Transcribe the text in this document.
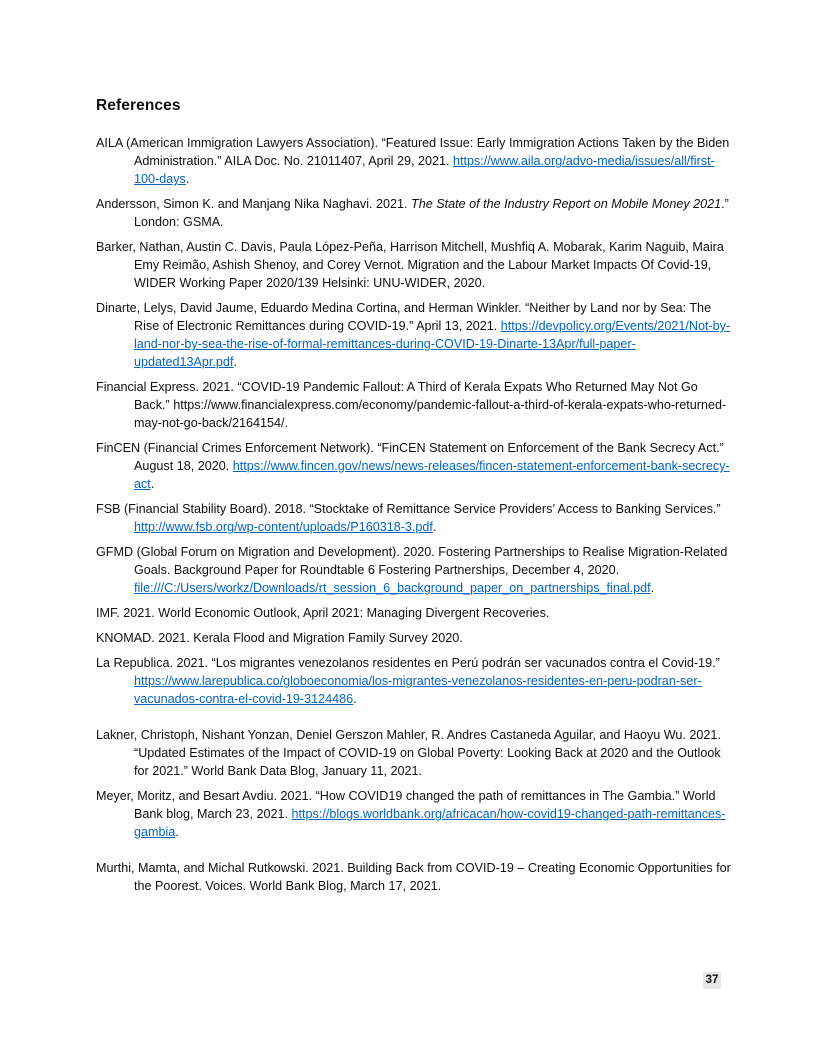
References

AILA (American Immigration Lawyers Association). “Featured Issue: Early Immigration Actions Taken by the Biden Administration.” AILA Doc. No. 21011407, April 29, 2021. https://www.aila.org/advo-media/issues/all/first-100-days.

Andersson, Simon K. and Manjang Nika Naghavi. 2021. The State of the Industry Report on Mobile Money 2021.” London: GSMA.

Barker, Nathan, Austin C. Davis, Paula López-Peña, Harrison Mitchell, Mushfiq A. Mobarak, Karim Naguib, Maira Emy Reimão, Ashish Shenoy, and Corey Vernot. Migration and the Labour Market Impacts Of Covid-19, WIDER Working Paper 2020/139 Helsinki: UNU-WIDER, 2020.

Dinarte, Lelys, David Jaume, Eduardo Medina Cortina, and Herman Winkler. “Neither by Land nor by Sea: The Rise of Electronic Remittances during COVID-19.” April 13, 2021. https://devpolicy.org/Events/2021/Not-by-land-nor-by-sea-the-rise-of-formal-remittances-during-COVID-19-Dinarte-13Apr/full-paper-updated13Apr.pdf.

Financial Express. 2021. “COVID-19 Pandemic Fallout: A Third of Kerala Expats Who Returned May Not Go Back.” https://www.financialexpress.com/economy/pandemic-fallout-a-third-of-kerala-expats-who-returned-may-not-go-back/2164154/.

FinCEN (Financial Crimes Enforcement Network). “FinCEN Statement on Enforcement of the Bank Secrecy Act.” August 18, 2020. https://www.fincen.gov/news/news-releases/fincen-statement-enforcement-bank-secrecy-act.

FSB (Financial Stability Board). 2018. “Stocktake of Remittance Service Providers’ Access to Banking Services.” http://www.fsb.org/wp-content/uploads/P160318-3.pdf.

GFMD (Global Forum on Migration and Development). 2020. Fostering Partnerships to Realise Migration-Related Goals. Background Paper for Roundtable 6 Fostering Partnerships, December 4, 2020. file:///C:/Users/workz/Downloads/rt_session_6_background_paper_on_partnerships_final.pdf.

IMF. 2021. World Economic Outlook, April 2021: Managing Divergent Recoveries.

KNOMAD. 2021. Kerala Flood and Migration Family Survey 2020.

La Republica. 2021. “Los migrantes venezolanos residentes en Perú podrán ser vacunados contra el Covid-19.” https://www.larepublica.co/globoeconomia/los-migrantes-venezolanos-residentes-en-peru-podran-ser-vacunados-contra-el-covid-19-3124486.

Lakner, Christoph, Nishant Yonzan, Deniel Gerszon Mahler, R. Andres Castaneda Aguilar, and Haoyu Wu. 2021. “Updated Estimates of the Impact of COVID-19 on Global Poverty: Looking Back at 2020 and the Outlook for 2021.” World Bank Data Blog, January 11, 2021.

Meyer, Moritz, and Besart Avdiu. 2021. “How COVID19 changed the path of remittances in The Gambia.” World Bank blog, March 23, 2021. https://blogs.worldbank.org/africacan/how-covid19-changed-path-remittances-gambia.

Murthi, Mamta, and Michal Rutkowski. 2021. Building Back from COVID-19 – Creating Economic Opportunities for the Poorest. Voices. World Bank Blog, March 17, 2021.

37
